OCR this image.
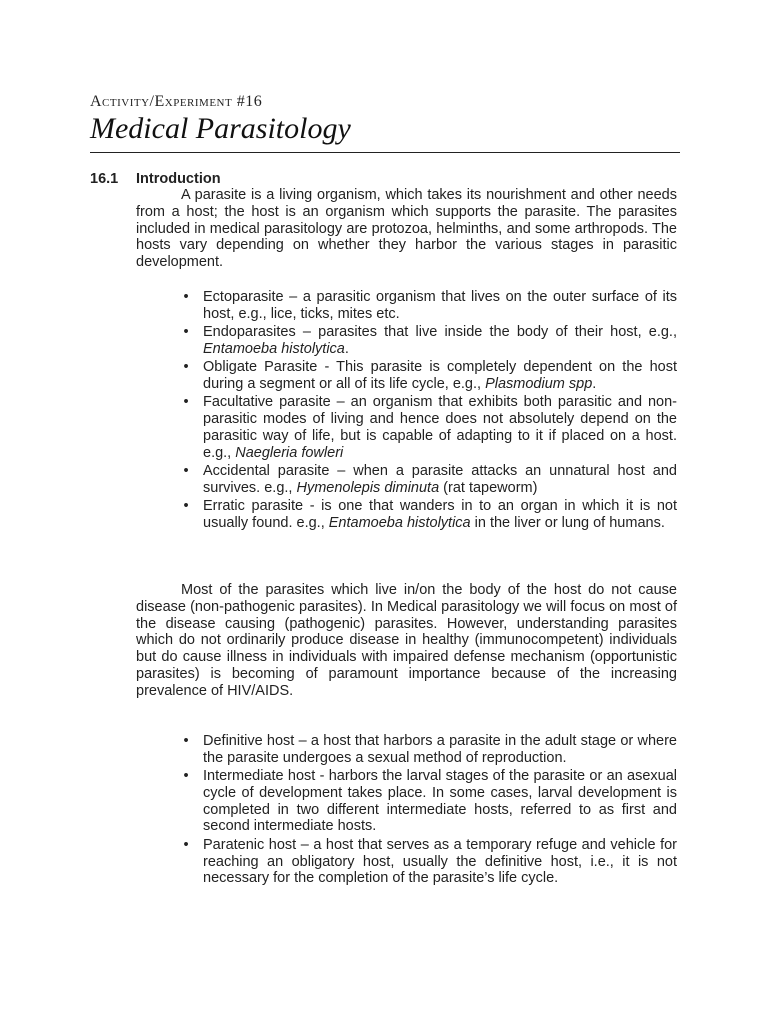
Activity/Experiment #16
Medical Parasitology
16.1 Introduction

A parasite is a living organism, which takes its nourishment and other needs from a host; the host is an organism which supports the parasite. The parasites included in medical parasitology are protozoa, helminths, and some arthropods. The hosts vary depending on whether they harbor the various stages in parasitic development.

• Ectoparasite – a parasitic organism that lives on the outer surface of its host, e.g., lice, ticks, mites etc.
• Endoparasites – parasites that live inside the body of their host, e.g., Entamoeba histolytica.
• Obligate Parasite - This parasite is completely dependent on the host during a segment or all of its life cycle, e.g., Plasmodium spp.
• Facultative parasite – an organism that exhibits both parasitic and non-parasitic modes of living and hence does not absolutely depend on the parasitic way of life, but is capable of adapting to it if placed on a host. e.g., Naegleria fowleri
• Accidental parasite – when a parasite attacks an unnatural host and survives. e.g., Hymenolepis diminuta (rat tapeworm)
• Erratic parasite - is one that wanders in to an organ in which it is not usually found. e.g., Entamoeba histolytica in the liver or lung of humans.

Most of the parasites which live in/on the body of the host do not cause disease (non-pathogenic parasites). In Medical parasitology we will focus on most of the disease causing (pathogenic) parasites. However, understanding parasites which do not ordinarily produce disease in healthy (immunocompetent) individuals but do cause illness in individuals with impaired defense mechanism (opportunistic parasites) is becoming of paramount importance because of the increasing prevalence of HIV/AIDS.

• Definitive host – a host that harbors a parasite in the adult stage or where the parasite undergoes a sexual method of reproduction.
• Intermediate host - harbors the larval stages of the parasite or an asexual cycle of development takes place. In some cases, larval development is completed in two different intermediate hosts, referred to as first and second intermediate hosts.
• Paratenic host – a host that serves as a temporary refuge and vehicle for reaching an obligatory host, usually the definitive host, i.e., it is not necessary for the completion of the parasite’s life cycle.
